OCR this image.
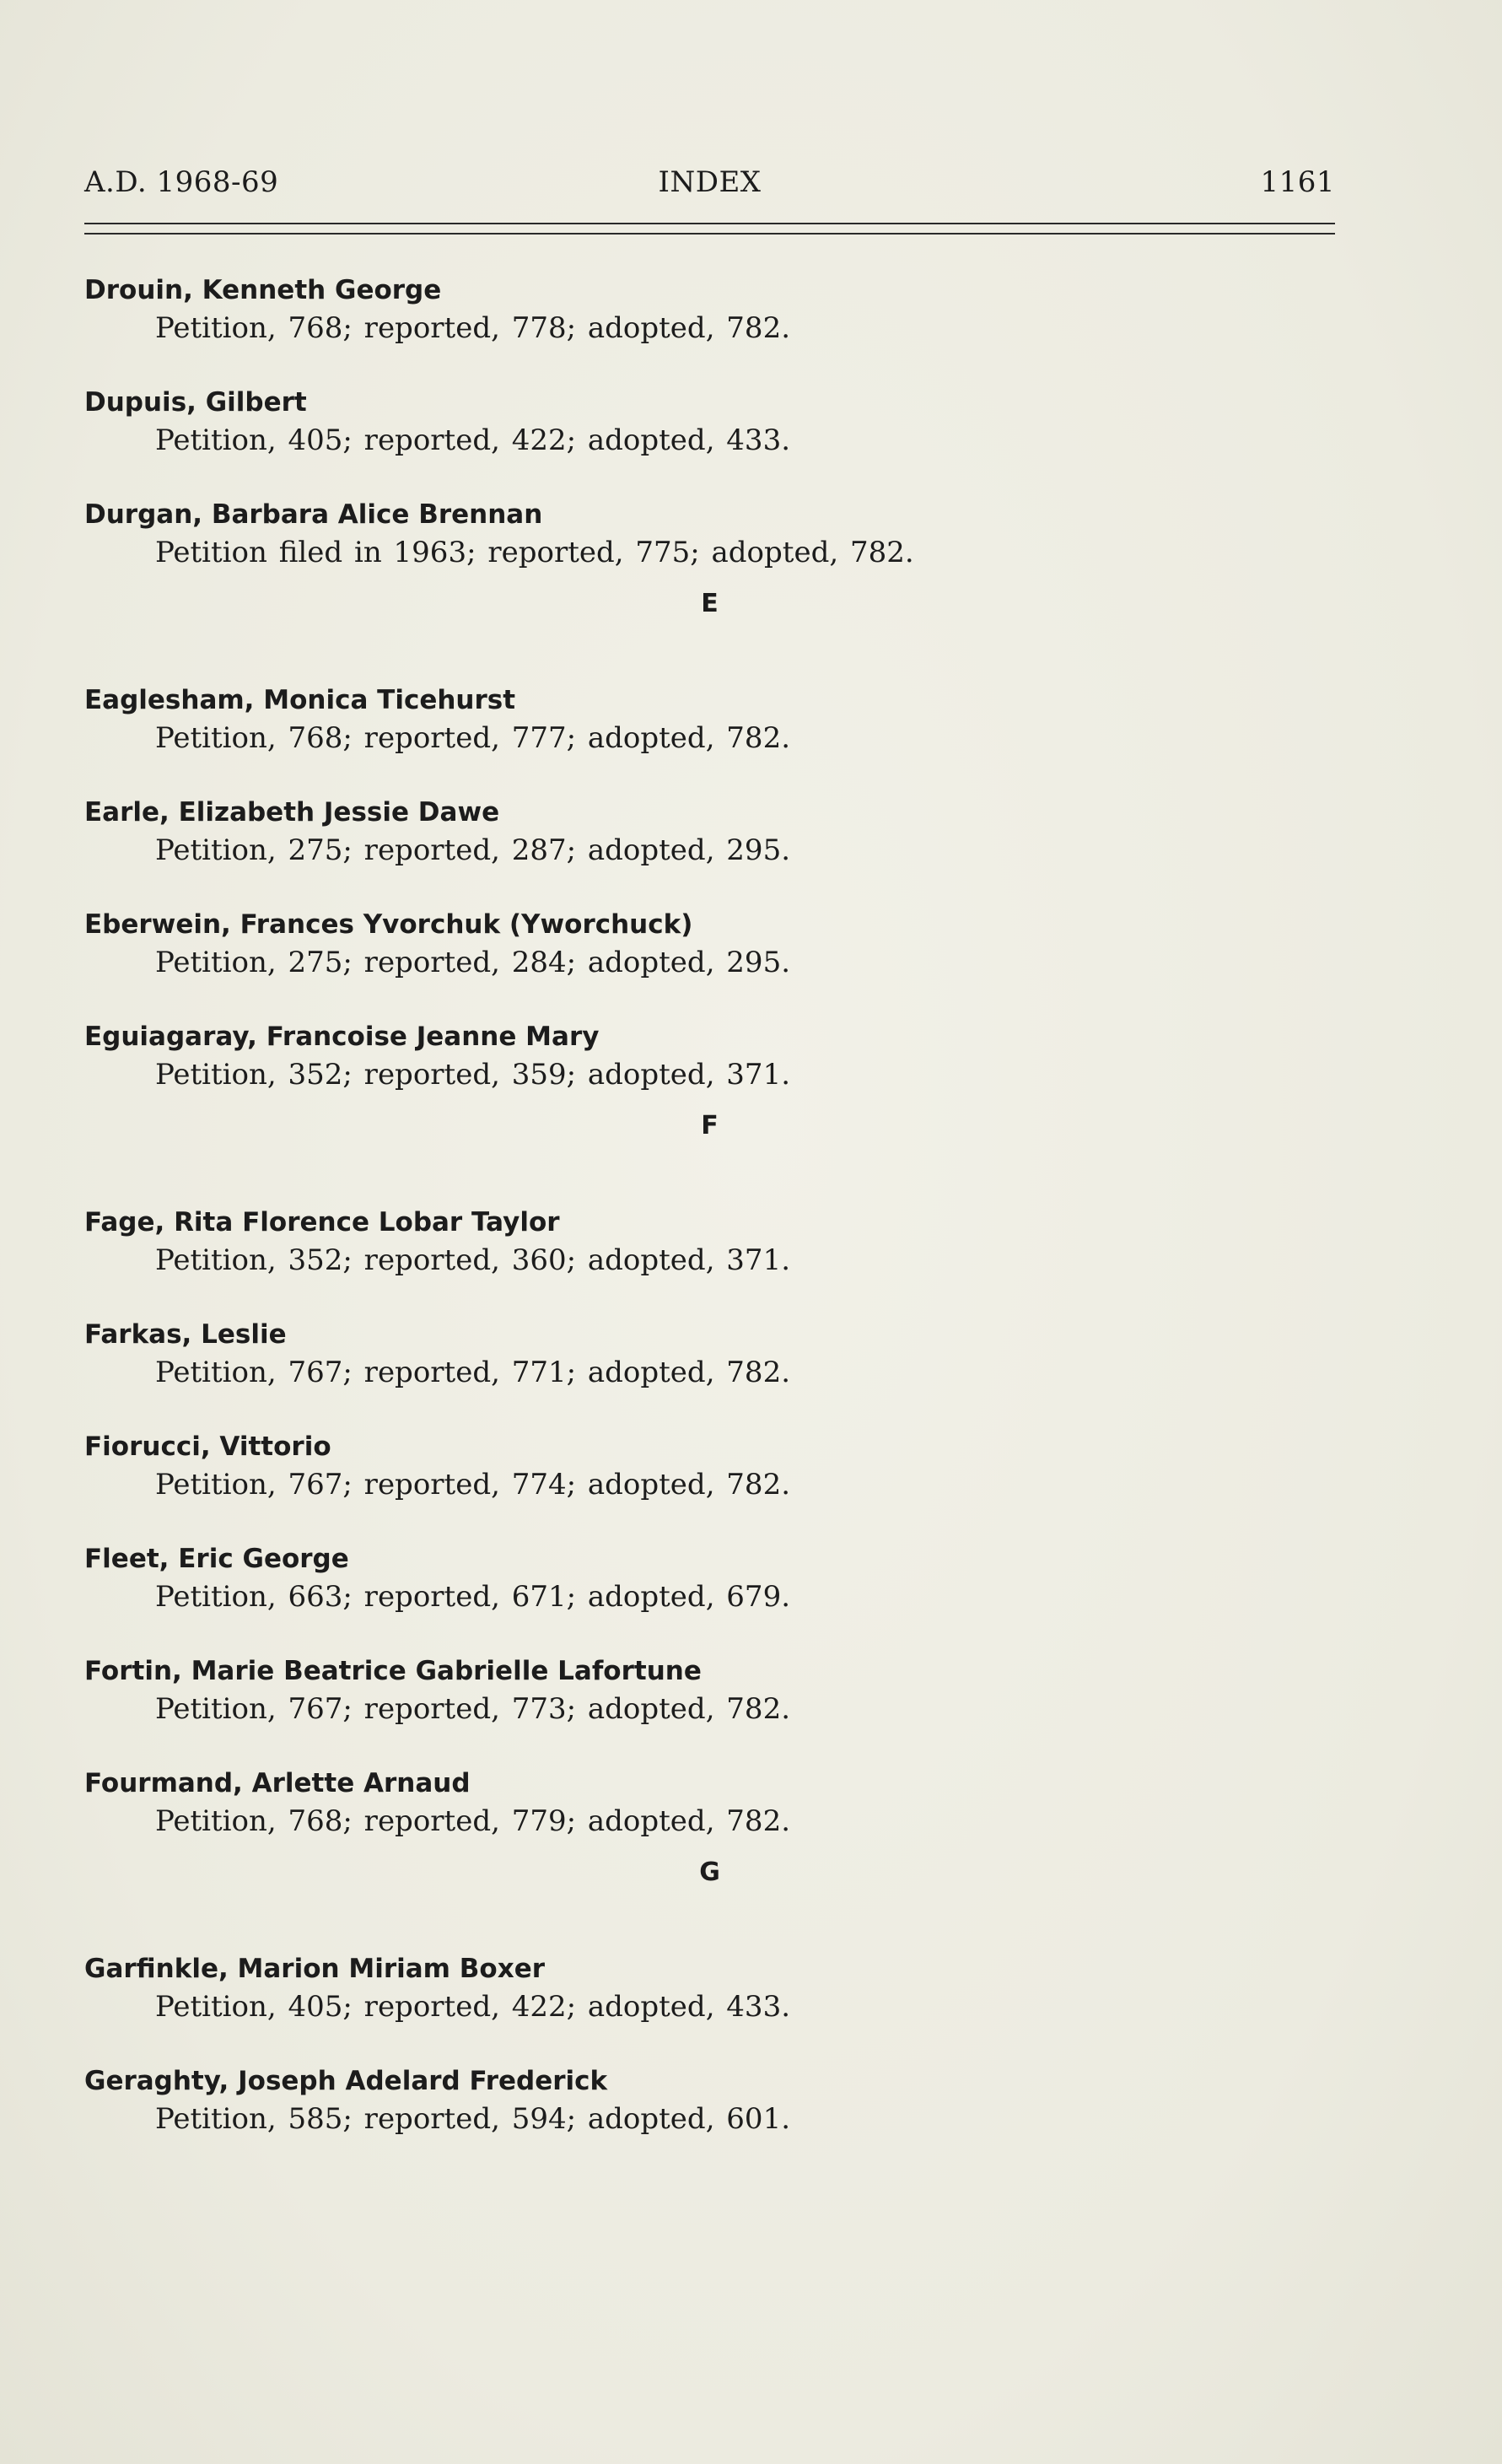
A.D. 1968-69	INDEX	1161
Drouin, Kenneth George
Petition, 768; reported, 778; adopted, 782.
Dupuis, Gilbert
Petition, 405; reported, 422; adopted, 433.
Durgan, Barbara Alice Brennan
Petition filed in 1963; reported, 775; adopted, 782.
E
Eaglesham, Monica Ticehurst
Petition, 768; reported, 777; adopted, 782.
Earle, Elizabeth Jessie Dawe
Petition, 275; reported, 287; adopted, 295.
Eberwein, Frances Yvorchuk (Yworchuck)
Petition, 275; reported, 284; adopted, 295.
Eguiagaray, Francoise Jeanne Mary
Petition, 352; reported, 359; adopted, 371.
F
Fage, Rita Florence Lobar Taylor
Petition, 352; reported, 360; adopted, 371.
Farkas, Leslie
Petition, 767; reported, 771; adopted, 782.
Fiorucci, Vittorio
Petition, 767; reported, 774; adopted, 782.
Fleet, Eric George
Petition, 663; reported, 671; adopted, 679.
Fortin, Marie Beatrice Gabrielle Lafortune
Petition, 767; reported, 773; adopted, 782.
Fourmand, Arlette Arnaud
Petition, 768; reported, 779; adopted, 782.
G
Garfinkle, Marion Miriam Boxer
Petition, 405; reported, 422; adopted, 433.
Geraghty, Joseph Adelard Frederick
Petition, 585; reported, 594; adopted, 601.
